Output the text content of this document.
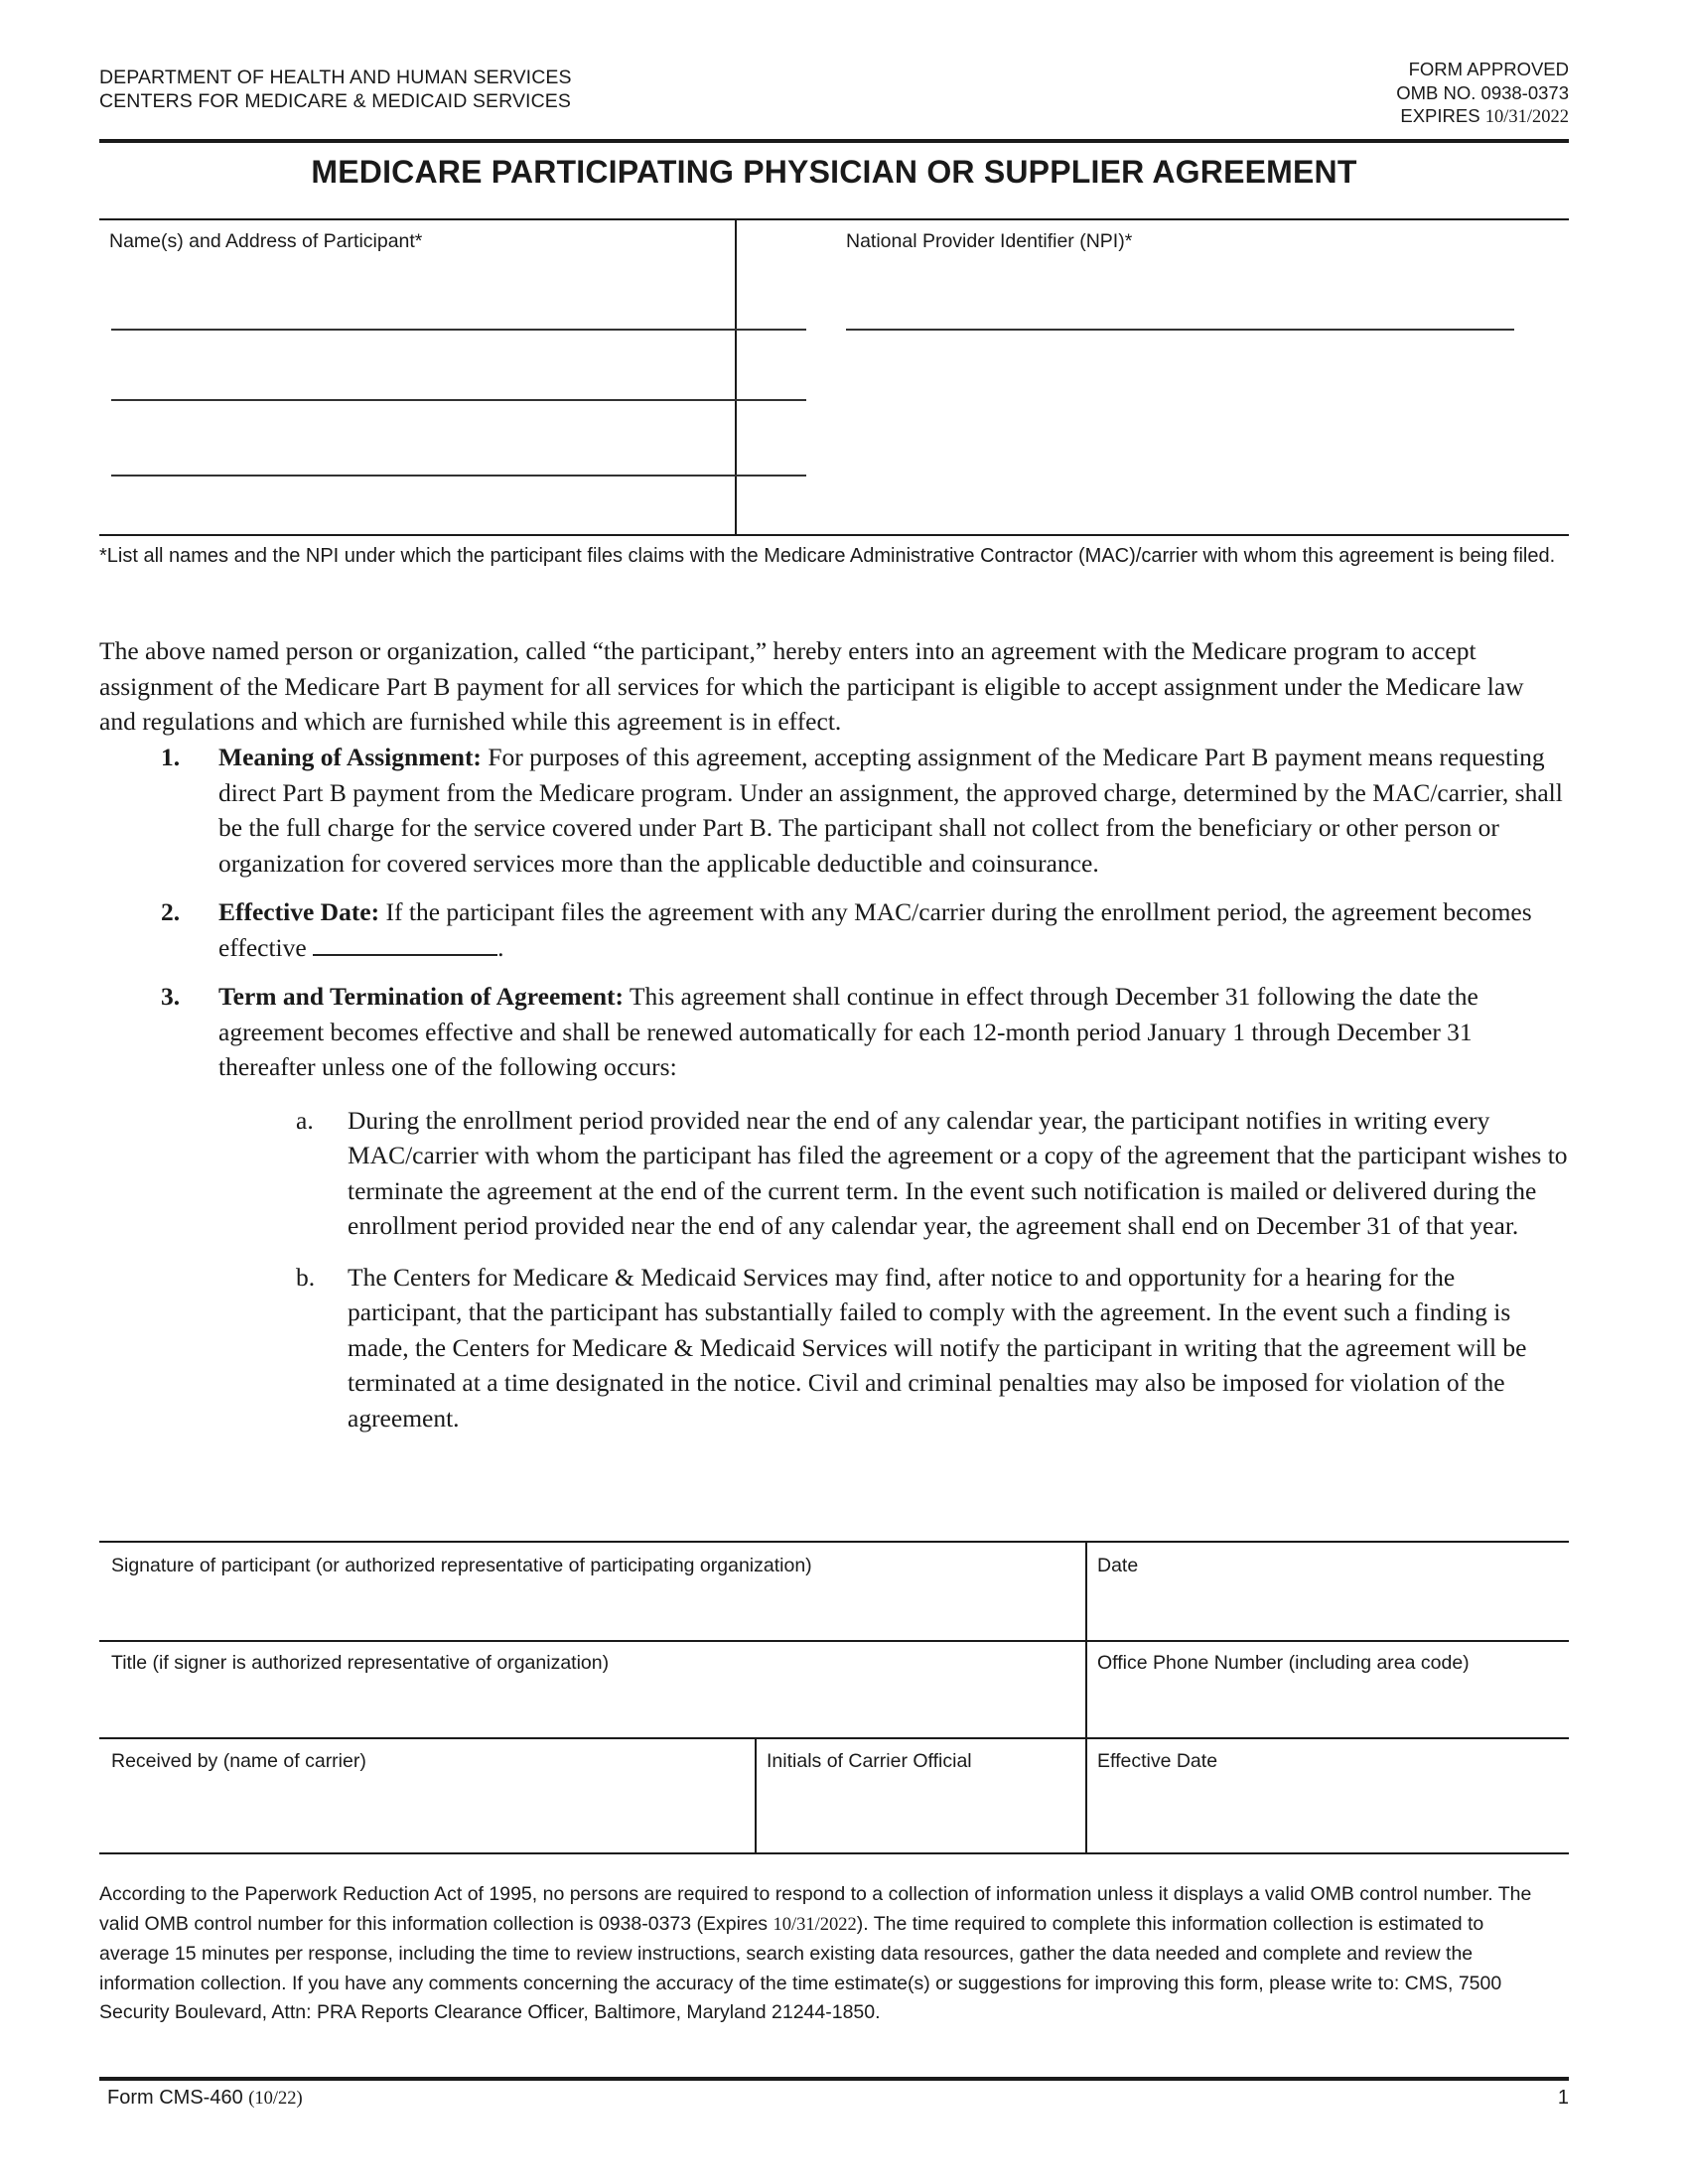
DEPARTMENT OF HEALTH AND HUMAN SERVICES
CENTERS FOR MEDICARE & MEDICAID SERVICES
FORM APPROVED
OMB NO. 0938-0373
EXPIRES 10/31/2022
MEDICARE PARTICIPATING PHYSICIAN OR SUPPLIER AGREEMENT
Name(s) and Address of Participant*	National Provider Identifier (NPI)*
*List all names and the NPI under which the participant files claims with the Medicare Administrative Contractor (MAC)/carrier with whom this agreement is being filed.
The above named person or organization, called “the participant,” hereby enters into an agreement with the Medicare program to accept assignment of the Medicare Part B payment for all services for which the participant is eligible to accept assignment under the Medicare law and regulations and which are furnished while this agreement is in effect.
1.	Meaning of Assignment: For purposes of this agreement, accepting assignment of the Medicare Part B payment means requesting direct Part B payment from the Medicare program. Under an assignment, the approved charge, determined by the MAC/carrier, shall be the full charge for the service covered under Part B. The participant shall not collect from the beneficiary or other person or organization for covered services more than the applicable deductible and coinsurance.
2.	Effective Date: If the participant files the agreement with any MAC/carrier during the enrollment period, the agreement becomes effective	.
3.	Term and Termination of Agreement: This agreement shall continue in effect through December 31 following the date the agreement becomes effective and shall be renewed automatically for each 12-month period January 1 through December 31 thereafter unless one of the following occurs:
a.	During the enrollment period provided near the end of any calendar year, the participant notifies in writing every MAC/carrier with whom the participant has filed the agreement or a copy of the agreement that the participant wishes to terminate the agreement at the end of the current term. In the event such notification is mailed or delivered during the enrollment period provided near the end of any calendar year, the agreement shall end on December 31 of that year.
b.	The Centers for Medicare & Medicaid Services may find, after notice to and opportunity for a hearing for the participant, that the participant has substantially failed to comply with the agreement. In the event such a finding is made, the Centers for Medicare & Medicaid Services will notify the participant in writing that the agreement will be terminated at a time designated in the notice. Civil and criminal penalties may also be imposed for violation of the agreement.
Signature of participant (or authorized representative of participating organization)	Date
Title (if signer is authorized representative of organization)	Office Phone Number (including area code)
Received by (name of carrier)	Initials of Carrier Official	Effective Date
According to the Paperwork Reduction Act of 1995, no persons are required to respond to a collection of information unless it displays a valid OMB control number. The valid OMB control number for this information collection is 0938-0373 (Expires 10/31/2022). The time required to complete this information collection is estimated to average 15 minutes per response, including the time to review instructions, search existing data resources, gather the data needed and complete and review the information collection. If you have any comments concerning the accuracy of the time estimate(s) or suggestions for improving this form, please write to: CMS, 7500 Security Boulevard, Attn: PRA Reports Clearance Officer, Baltimore, Maryland 21244-1850.
Form CMS-460 (10/22)	1
